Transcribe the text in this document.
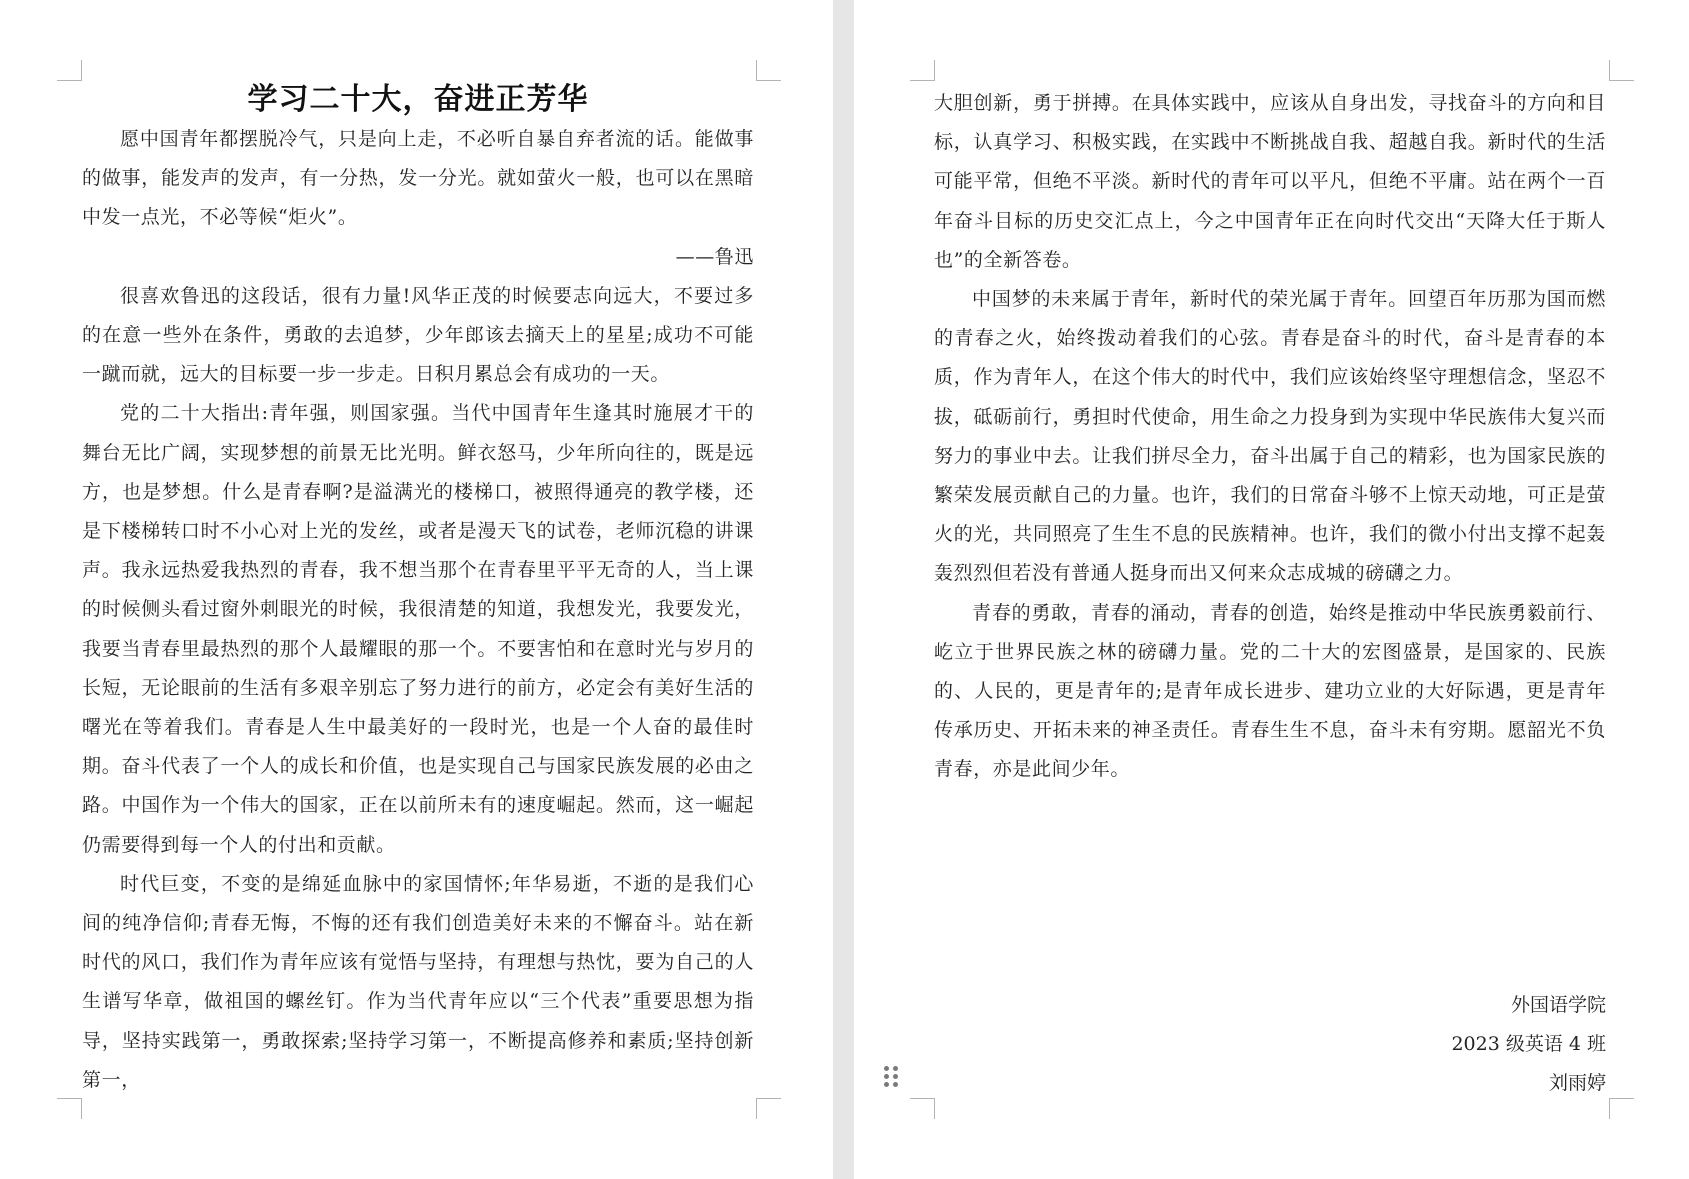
学习二十大，奋进正芳华

愿中国青年都摆脱冷气，只是向上走，不必听自暴自弃者流的话。能做事的做事，能发声的发声，有一分热，发一分光。就如萤火一般，也可以在黑暗中发一点光，不必等候“炬火”。

——鲁迅

很喜欢鲁迅的这段话，很有力量!风华正茂的时候要志向远大，不要过多的在意一些外在条件，勇敢的去追梦，少年郎该去摘天上的星星;成功不可能一蹴而就，远大的目标要一步一步走。日积月累总会有成功的一天。

党的二十大指出:青年强，则国家强。当代中国青年生逢其时施展才干的舞台无比广阔，实现梦想的前景无比光明。鲜衣怒马，少年所向往的，既是远方，也是梦想。什么是青春啊?是溢满光的楼梯口，被照得通亮的教学楼，还是下楼梯转口时不小心对上光的发丝，或者是漫天飞的试卷，老师沉稳的讲课声。我永远热爱我热烈的青春，我不想当那个在青春里平平无奇的人，当上课的时候侧头看过窗外刺眼光的时候，我很清楚的知道，我想发光，我要发光，我要当青春里最热烈的那个人最耀眼的那一个。不要害怕和在意时光与岁月的长短，无论眼前的生活有多艰辛别忘了努力进行的前方，必定会有美好生活的曙光在等着我们。青春是人生中最美好的一段时光，也是一个人奋的最佳时期。奋斗代表了一个人的成长和价值，也是实现自己与国家民族发展的必由之路。中国作为一个伟大的国家，正在以前所未有的速度崛起。然而，这一崛起仍需要得到每一个人的付出和贡献。

时代巨变，不变的是绵延血脉中的家国情怀;年华易逝，不逝的是我们心间的纯净信仰;青春无悔，不悔的还有我们创造美好未来的不懈奋斗。站在新时代的风口，我们作为青年应该有觉悟与坚持，有理想与热忱，要为自己的人生谱写华章，做祖国的螺丝钉。作为当代青年应以“三个代表”重要思想为指导，坚持实践第一，勇敢探索;坚持学习第一，不断提高修养和素质;坚持创新第一，

大胆创新，勇于拼搏。在具体实践中，应该从自身出发，寻找奋斗的方向和目标，认真学习、积极实践，在实践中不断挑战自我、超越自我。新时代的生活可能平常，但绝不平淡。新时代的青年可以平凡，但绝不平庸。站在两个一百年奋斗目标的历史交汇点上，今之中国青年正在向时代交出“天降大任于斯人也”的全新答卷。

中国梦的未来属于青年，新时代的荣光属于青年。回望百年历那为国而燃的青春之火，始终拨动着我们的心弦。青春是奋斗的时代，奋斗是青春的本质，作为青年人，在这个伟大的时代中，我们应该始终坚守理想信念，坚忍不拔，砥砺前行，勇担时代使命，用生命之力投身到为实现中华民族伟大复兴而努力的事业中去。让我们拼尽全力，奋斗出属于自己的精彩，也为国家民族的繁荣发展贡献自己的力量。也许，我们的日常奋斗够不上惊天动地，可正是萤火的光，共同照亮了生生不息的民族精神。也许，我们的微小付出支撑不起轰轰烈烈但若没有普通人挺身而出又何来众志成城的磅礴之力。

青春的勇敢，青春的涌动，青春的创造，始终是推动中华民族勇毅前行、屹立于世界民族之林的磅礴力量。党的二十大的宏图盛景，是国家的、民族的、人民的，更是青年的;是青年成长进步、建功立业的大好际遇，更是青年传承历史、开拓未来的神圣责任。青春生生不息，奋斗未有穷期。愿韶光不负青春，亦是此间少年。

外国语学院
2023 级英语 4 班
刘雨婷
